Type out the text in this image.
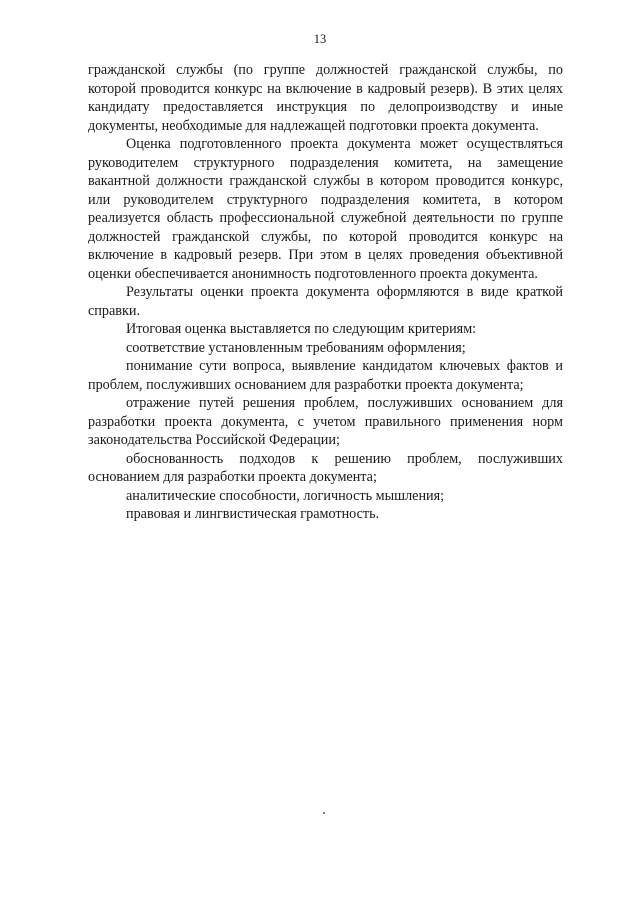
13

гражданской службы (по группе должностей гражданской службы, по которой проводится конкурс на включение в кадровый резерв). В этих целях кандидату предоставляется инструкция по делопроизводству и иные документы, необходимые для надлежащей подготовки проекта документа.

Оценка подготовленного проекта документа может осуществляться руководителем структурного подразделения комитета, на замещение вакантной должности гражданской службы в котором проводится конкурс, или руководителем структурного подразделения комитета, в котором реализуется область профессиональной служебной деятельности по группе должностей гражданской службы, по которой проводится конкурс на включение в кадровый резерв. При этом в целях проведения объективной оценки обеспечивается анонимность подготовленного проекта документа.

Результаты оценки проекта документа оформляются в виде краткой справки.

Итоговая оценка выставляется по следующим критериям:

соответствие установленным требованиям оформления;

понимание сути вопроса, выявление кандидатом ключевых фактов и проблем, послуживших основанием для разработки проекта документа;

отражение путей решения проблем, послуживших основанием для разработки проекта документа, с учетом правильного применения норм законодательства Российской Федерации;

обоснованность подходов к решению проблем, послуживших основанием для разработки проекта документа;

аналитические способности, логичность мышления;

правовая и лингвистическая грамотность.
